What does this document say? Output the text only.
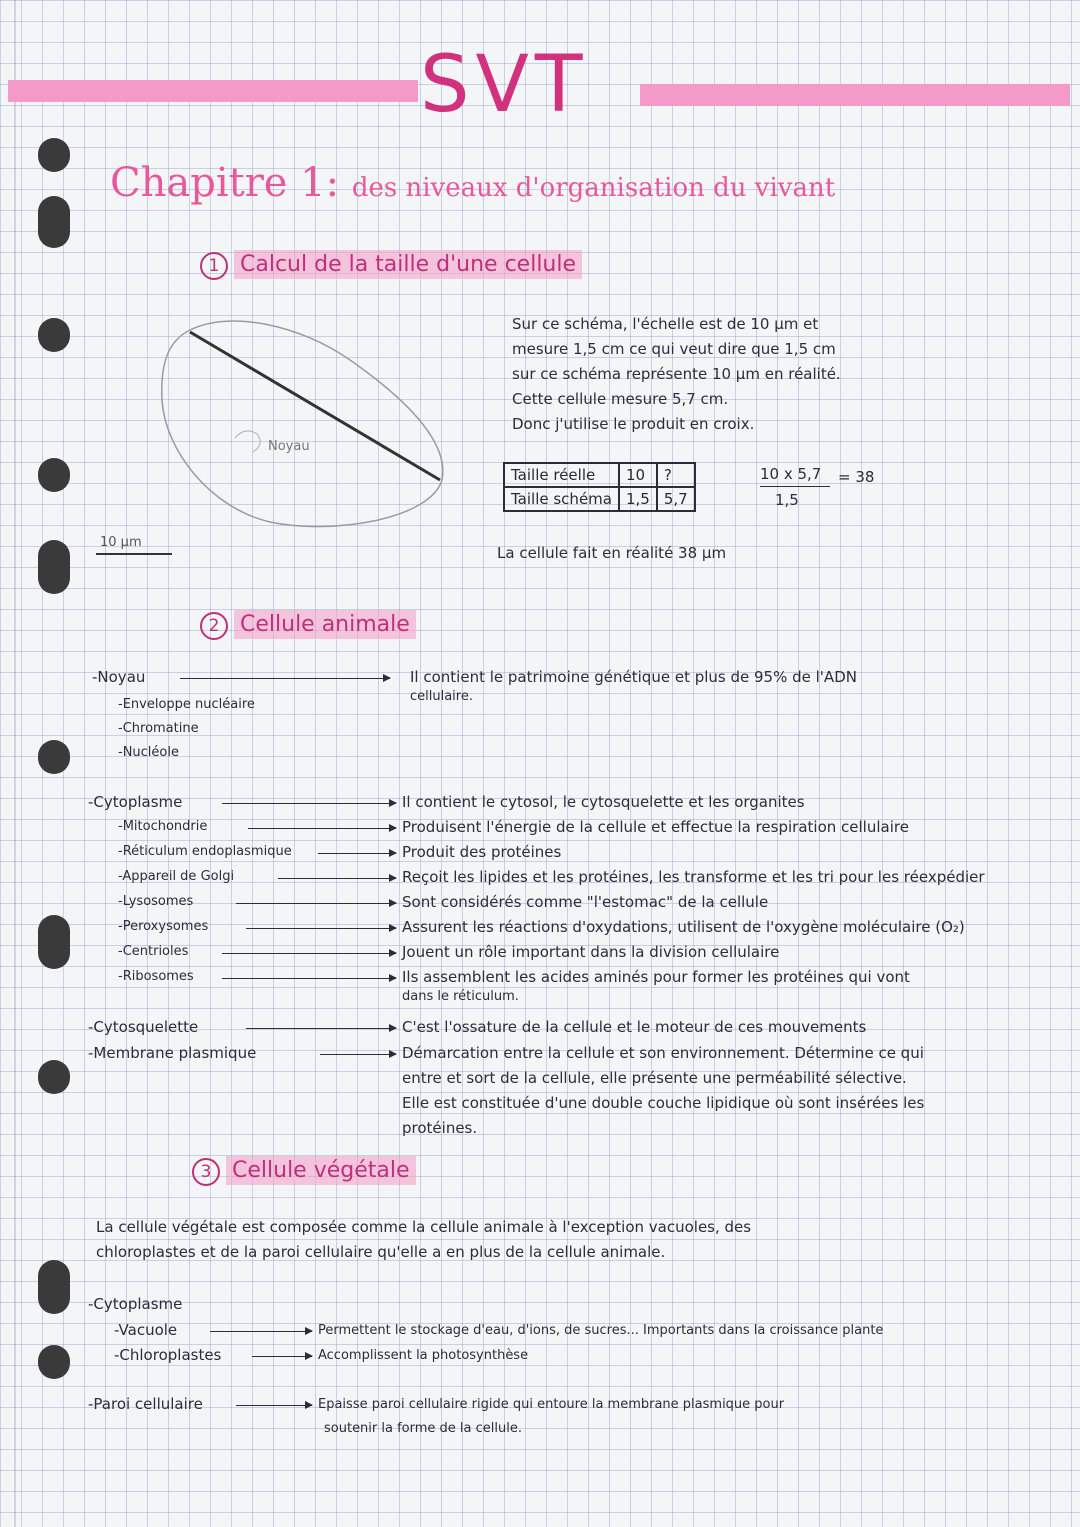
SVT
Chapitre 1: des niveaux d'organisation du vivant
1 Calcul de la taille d'une cellule
Noyau
10 µm
Sur ce schéma, l'échelle est de 10 µm et
mesure 1,5 cm ce qui veut dire que 1,5 cm
sur ce schéma représente 10 µm en réalité.
Cette cellule mesure 5,7 cm.
Donc j'utilise le produit en croix.
Taille réelle	10	?
Taille schéma	1,5	5,7
10 x 5,7
1,5
= 38
La cellule fait en réalité 38 µm
2 Cellule animale
-Noyau	Il contient le patrimoine génétique et plus de 95% de l'ADN
cellulaire.
-Enveloppe nucléaire
-Chromatine
-Nucléole
-Cytoplasme	Il contient le cytosol, le cytosquelette et les organites
-Mitochondrie	Produisent l'énergie de la cellule et effectue la respiration cellulaire
-Réticulum endoplasmique	Produit des protéines
-Appareil de Golgi	Reçoit les lipides et les protéines, les transforme et les tri pour les réexpédier
-Lysosomes	Sont considérés comme "l'estomac" de la cellule
-Peroxysomes	Assurent les réactions d'oxydations, utilisent de l'oxygène moléculaire (O₂)
-Centrioles	Jouent un rôle important dans la division cellulaire
-Ribosomes	Ils assemblent les acides aminés pour former les protéines qui vont
dans le réticulum.
-Cytosquelette	C'est l'ossature de la cellule et le moteur de ces mouvements
-Membrane plasmique	Démarcation entre la cellule et son environnement. Détermine ce qui
entre et sort de la cellule, elle présente une perméabilité sélective.
Elle est constituée d'une double couche lipidique où sont insérées les
protéines.
3 Cellule végétale
La cellule végétale est composée comme la cellule animale à l'exception vacuoles, des
chloroplastes et de la paroi cellulaire qu'elle a en plus de la cellule animale.
-Cytoplasme
-Vacuole	Permettent le stockage d'eau, d'ions, de sucres... Importants dans la croissance plante
-Chloroplastes	Accomplissent la photosynthèse
-Paroi cellulaire	Epaisse paroi cellulaire rigide qui entoure la membrane plasmique pour
soutenir la forme de la cellule.
